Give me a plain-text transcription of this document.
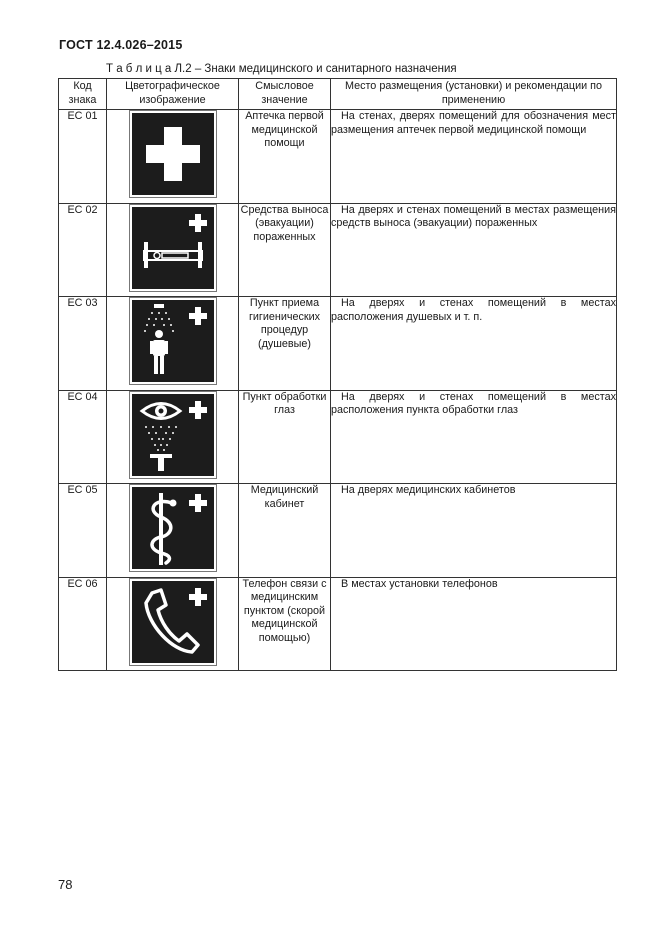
ГОСТ 12.4.026–2015
Т а б л и ц а Л.2 – Знаки медицинского и санитарного назначения
Код знака	Цветографическое изображение	Смысловое значение	Место размещения (установки) и рекомендации по применению
ЕС 01		Аптечка первой медицинской помощи	На стенах, дверях помещений для обозначения мест размещения аптечек первой медицинской помощи
ЕС 02		Средства выноса (эвакуации) пораженных	На дверях и стенах помещений в местах размещения средств выноса (эвакуации) пораженных
ЕС 03		Пункт приема гигиенических процедур (душевые)	На дверях и стенах помещений в местах расположения душевых и т. п.
ЕС 04		Пункт обработки глаз	На дверях и стенах помещений в местах расположения пункта обработки глаз
ЕС 05		Медицинский кабинет	На дверях медицинских кабинетов
ЕС 06		Телефон связи с медицинским пунктом (скорой медицинской помощью)	В местах установки телефонов
78
